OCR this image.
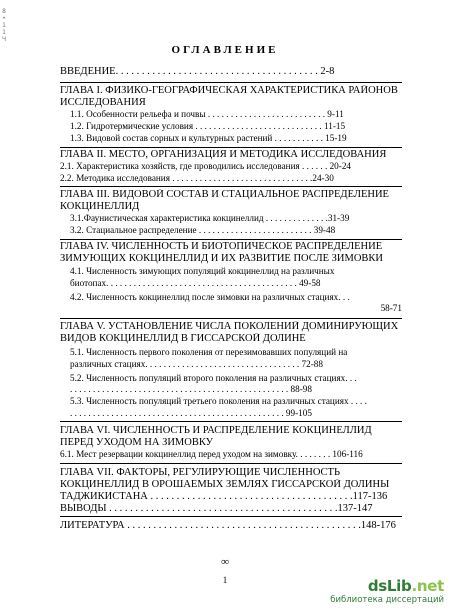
8 • 1 1 Ч
ОГЛАВЛЕНИЕ
ВВЕДЕНИЕ. . . . . . . . . . . . . . . . . . . . . . . . . . . . . . . . . . . . . . . 2-8
ГЛАВА I. ФИЗИКО-ГЕОГРАФИЧЕСКАЯ ХАРАКТЕРИСТИКА РАЙОНОВ
ИССЛЕДОВАНИЯ
1.1. Особенности рельефа и почвы . . . . . . . . . . . . . . . . . . . . . . . . . . 9-11
1.2. Гидротермические условия . . . . . . . . . . . . . . . . . . . . . . . . . . . . 11-15
1.3. Видовой состав сорных и культурных растений . . . . . . . . . . . 15-19
ГЛАВА II. МЕСТО, ОРГАНИЗАЦИЯ И МЕТОДИКА ИССЛЕДОВАНИЯ
2.1. Характеристика хозяйств, где проводились исследования . . . . . . 20-24
2.2. Методика исследования . . . . . . . . . . . . . . . . . . . . . . . . . . . . . . .24-30
ГЛАВА III. ВИДОВОЙ СОСТАВ И СТАЦИАЛЬНОЕ РАСПРЕДЕЛЕНИЕ
КОКЦИНЕЛЛИД
3.1.Фаунистическая характеристика кокцинеллид . . . . . . . . . . . . . .31-39
3.2. Стациальное распределение . . . . . . . . . . . . . . . . . . . . . . . . . 39-48
ГЛАВА IV. ЧИСЛЕННОСТЬ И БИОТОПИЧЕСКОЕ РАСПРЕДЕЛЕНИЕ
ЗИМУЮЩИХ КОКЦИНЕЛЛИД И ИХ РАЗВИТИЕ ПОСЛЕ ЗИМОВКИ
4.1. Численность зимующих популяций кокцинеллид на различных
биотопах. . . . . . . . . . . . . . . . . . . . . . . . . . . . . . . . . . . . . . . . . . 49-58
4.2. Численность кокцинеллид после зимовки на различных стациях. . .
58-71
ГЛАВА V. УСТАНОВЛЕНИЕ ЧИСЛА ПОКОЛЕНИЙ ДОМИНИРУЮЩИХ
ВИДОВ КОКЦИНЕЛЛИД В ГИССАРСКОЙ ДОЛИНЕ
5.1. Численность первого поколения от перезимовавших популяций на
различных стациях. . . . . . . . . . . . . . . . . . . . . . . . . . . . . . . . . . 72-88
5.2. Численность популяций второго поколения на различных стациях. . .
. . . . . . . . . . . . . . . . . . . . . . . . . . . . . . . . . . . . . . . . . . . . . . . . 88-98
5.3. Численность популяций третьего поколения на различных стациях . . . .
. . . . . . . . . . . . . . . . . . . . . . . . . . . . . . . . . . . . . . . . . . . . . . . 99-105
ГЛАВА VI. ЧИСЛЕННОСТЬ И РАСПРЕДЕЛЕНИЕ КОКЦИНЕЛЛИД
ПЕРЕД УХОДОМ НА ЗИМОВКУ
6.1. Мест резервации кокцинеллид перед уходом на зимовку. . . . . . . . 106-116
ГЛАВА VII. ФАКТОРЫ, РЕГУЛИРУЮЩИЕ ЧИСЛЕННОСТЬ
КОКЦИНЕЛЛИД В ОРОШАЕМЫХ ЗЕМЛЯХ ГИССАРСКОЙ ДОЛИНЫ
ТАДЖИКИСТАНА . . . . . . . . . . . . . . . . . . . . . . . . . . . . . . . . . . . . . . .117-136
ВЫВОДЫ . . . . . . . . . . . . . . . . . . . . . . . . . . . . . . . . . . . . . . . . . . . .137-147
ЛИТЕРАТУРА . . . . . . . . . . . . . . . . . . . . . . . . . . . . . . . . . . . . . . . . . . . . .148-176
∞
1	dsLib.net
библиотека диссертаций
